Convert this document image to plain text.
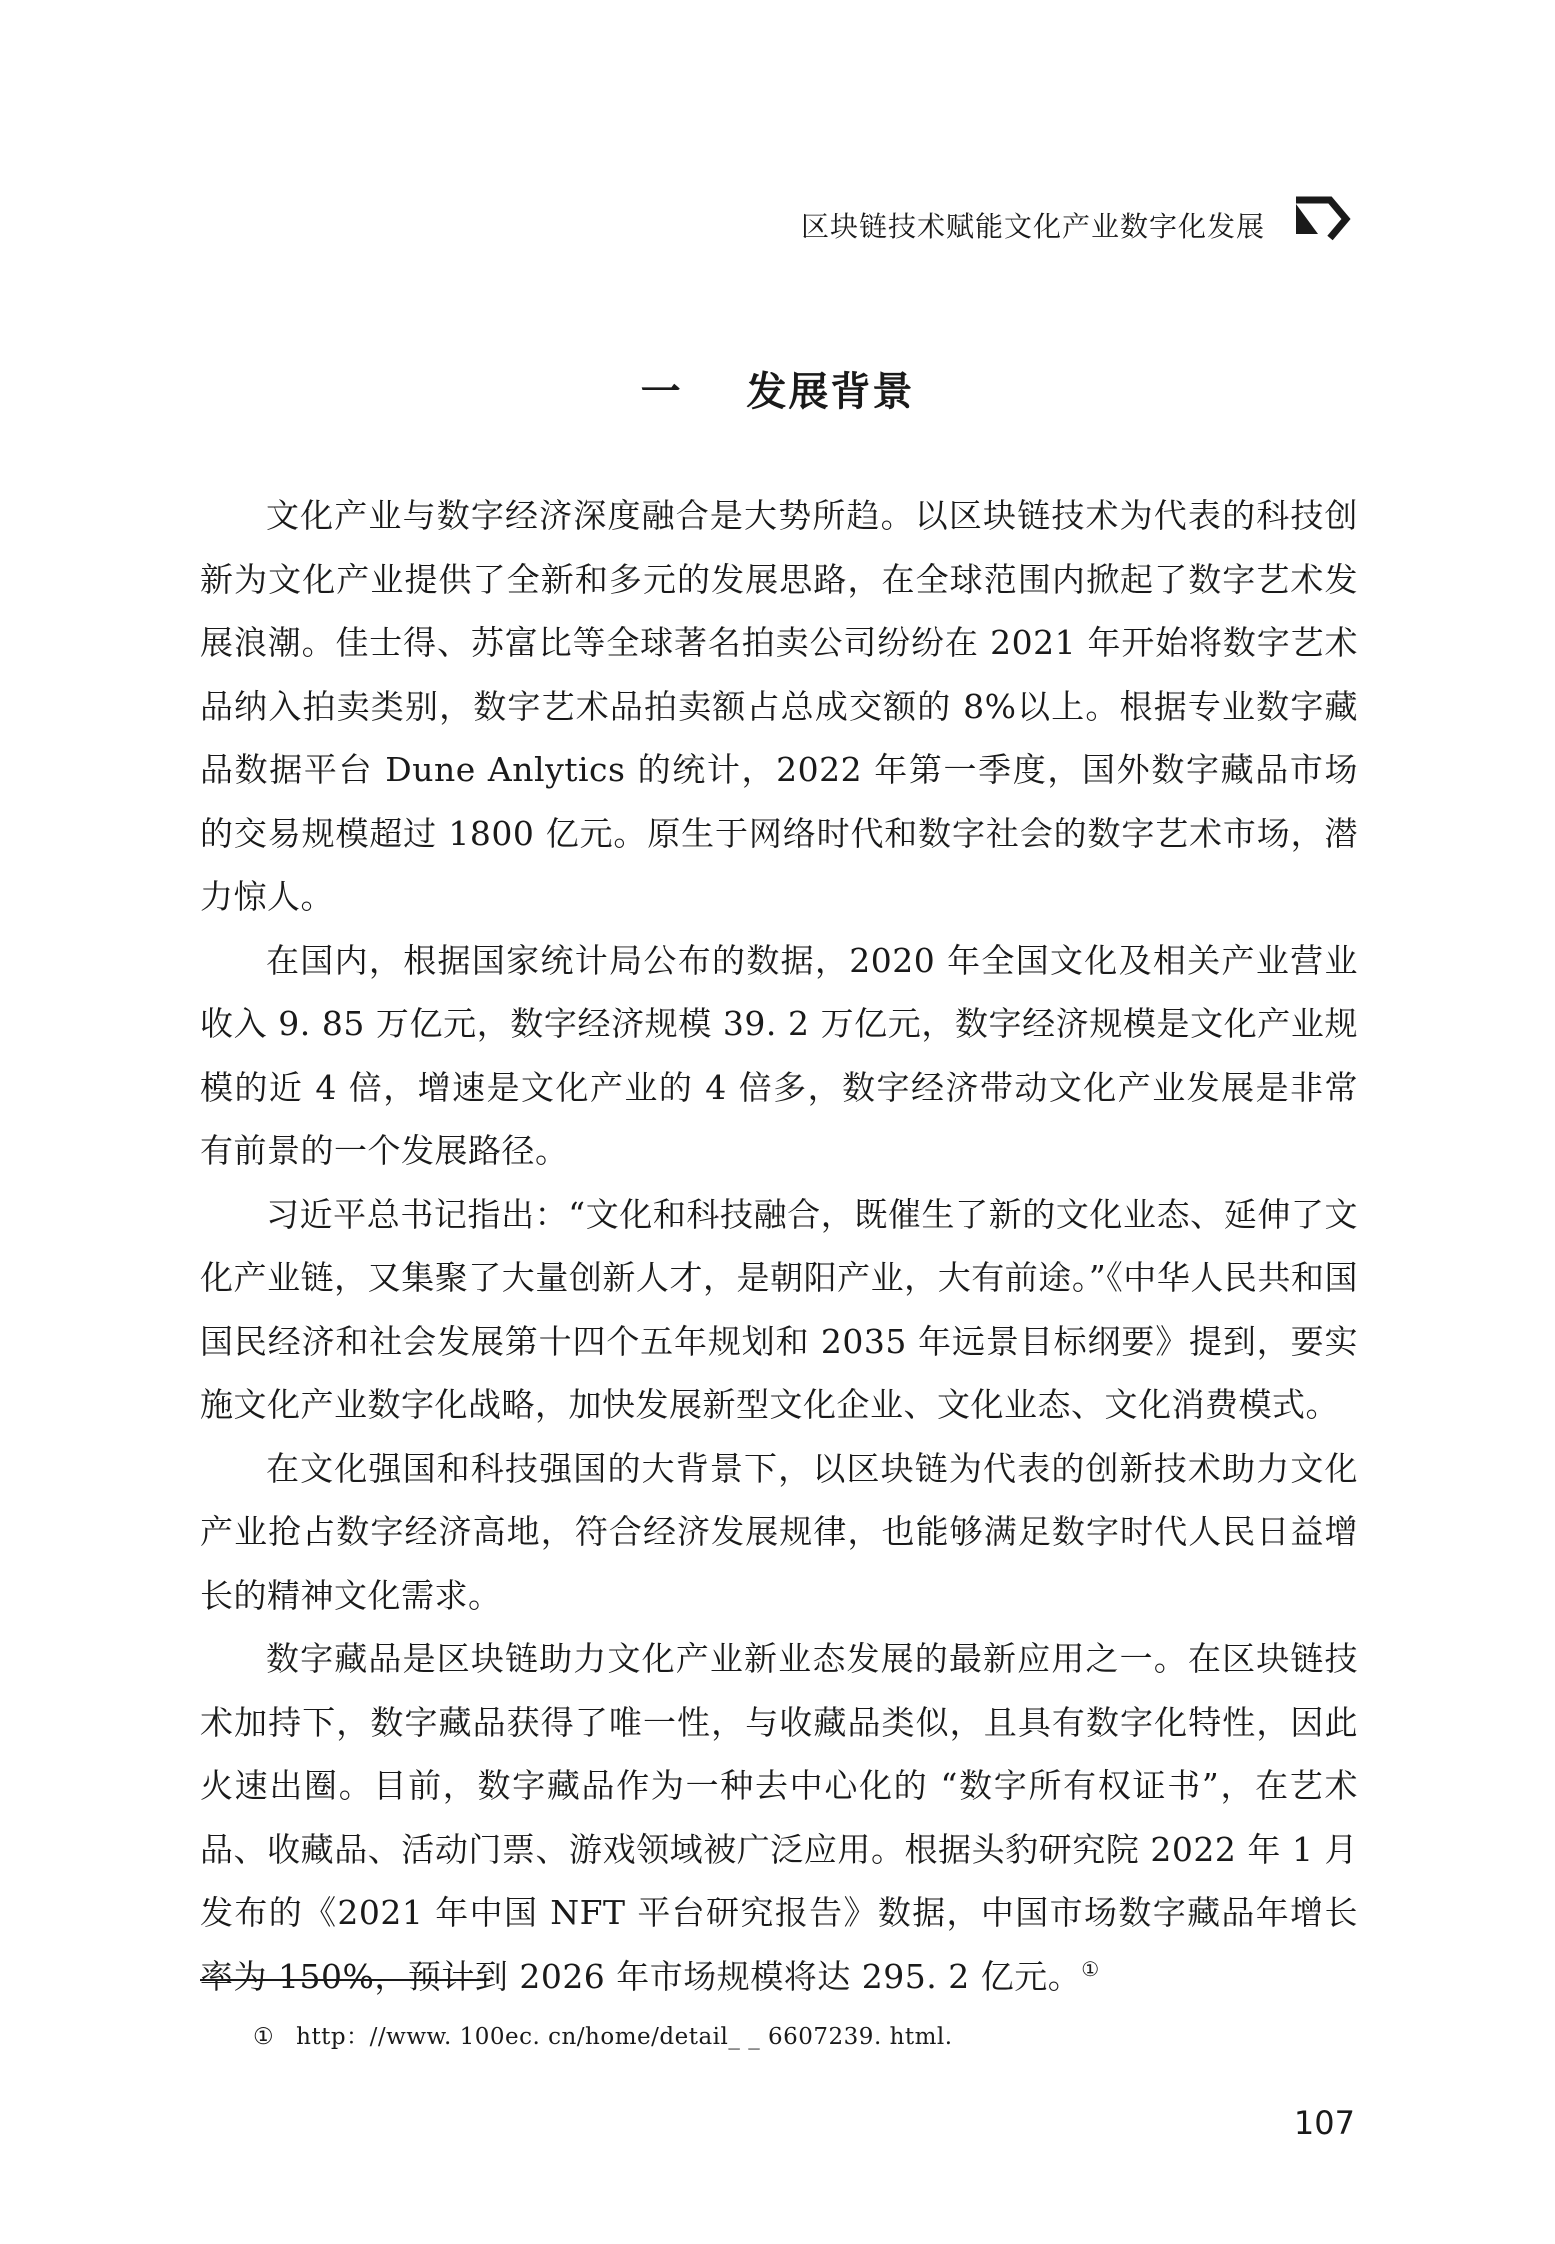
区块链技术赋能文化产业数字化发展
一 发展背景

文化产业与数字经济深度融合是大势所趋。以区块链技术为代表的科技创新为文化产业提供了全新和多元的发展思路，在全球范围内掀起了数字艺术发展浪潮。佳士得、苏富比等全球著名拍卖公司纷纷在 2021 年开始将数字艺术品纳入拍卖类别，数字艺术品拍卖额占总成交额的 8%以上。根据专业数字藏品数据平台 Dune Anlytics 的统计，2022 年第一季度，国外数字藏品市场的交易规模超过 1800 亿元。原生于网络时代和数字社会的数字艺术市场，潜力惊人。

在国内，根据国家统计局公布的数据，2020 年全国文化及相关产业营业收入 9. 85 万亿元，数字经济规模 39. 2 万亿元，数字经济规模是文化产业规模的近 4 倍，增速是文化产业的 4 倍多，数字经济带动文化产业发展是非常有前景的一个发展路径。

习近平总书记指出：“文化和科技融合，既催生了新的文化业态、延伸了文化产业链，又集聚了大量创新人才，是朝阳产业，大有前途。”《中华人民共和国国民经济和社会发展第十四个五年规划和 2035 年远景目标纲要》提到，要实施文化产业数字化战略，加快发展新型文化企业、文化业态、文化消费模式。

在文化强国和科技强国的大背景下，以区块链为代表的创新技术助力文化产业抢占数字经济高地，符合经济发展规律，也能够满足数字时代人民日益增长的精神文化需求。

数字藏品是区块链助力文化产业新业态发展的最新应用之一。在区块链技术加持下，数字藏品获得了唯一性，与收藏品类似，且具有数字化特性，因此火速出圈。目前，数字藏品作为一种去中心化的 “数字所有权证书”，在艺术品、收藏品、活动门票、游戏领域被广泛应用。根据头豹研究院 2022 年 1 月发布的《2021 年中国 NFT 平台研究报告》数据，中国市场数字藏品年增长率为 150%，预计到 2026 年市场规模将达 295. 2 亿元。①

① http：//www. 100ec. cn/home/detail_ _ 6607239. html.
107
